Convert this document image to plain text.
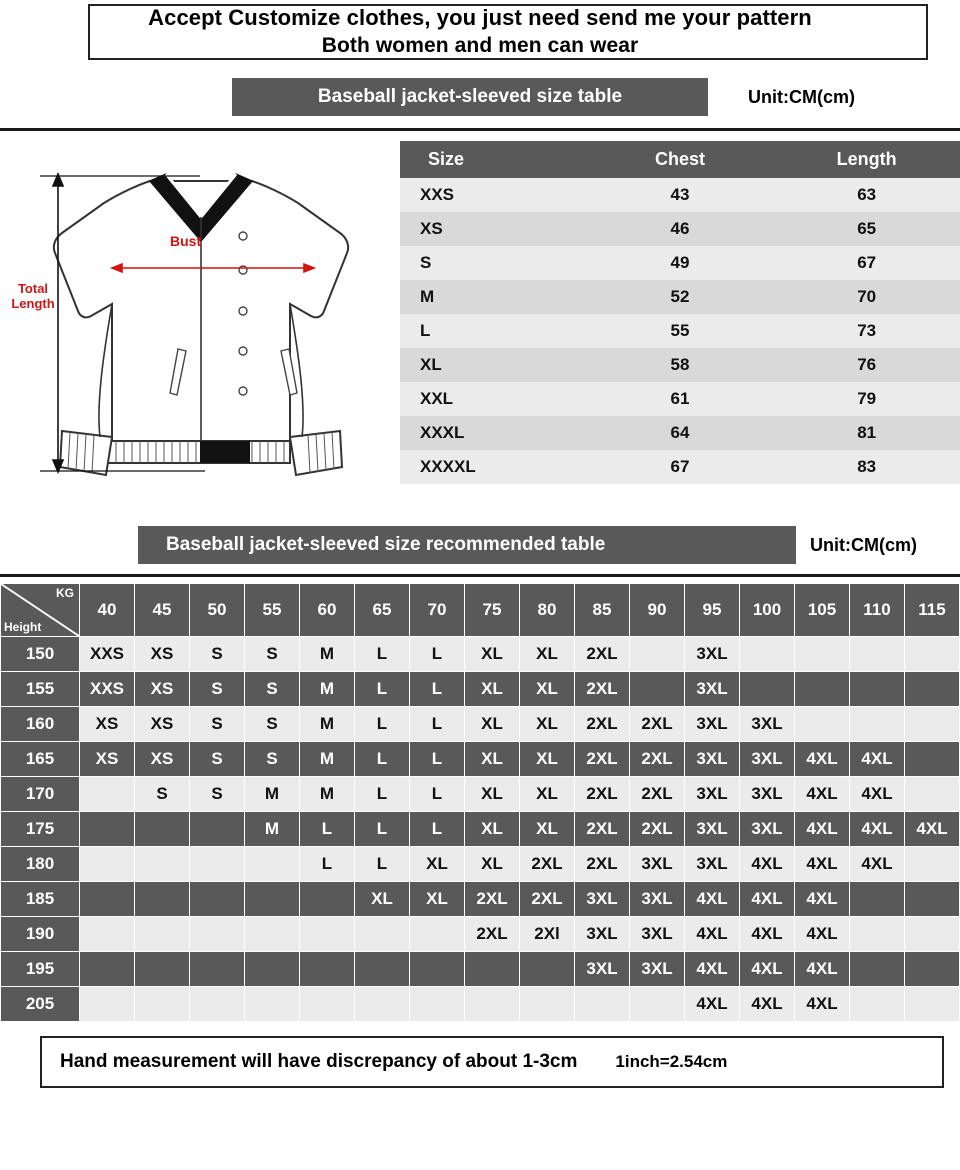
Accept Customize clothes, you just need send me your pattern
Both women and men can wear
Baseball jacket-sleeved size table	Unit:CM(cm)
Bust
Total
Length
Size	Chest	Length
XXS	43	63
XS	46	65
S	49	67
M	52	70
L	55	73
XL	58	76
XXL	61	79
XXXL	64	81
XXXXL	67	83
Baseball jacket-sleeved size recommended table	Unit:CM(cm)
KG
Height	40	45	50	55	60	65	70	75	80	85	90	95	100	105	110	115
150	XXS	XS	S	S	M	L	L	XL	XL	2XL		3XL				
155	XXS	XS	S	S	M	L	L	XL	XL	2XL		3XL				
160	XS	XS	S	S	M	L	L	XL	XL	2XL	2XL	3XL	3XL			
165	XS	XS	S	S	M	L	L	XL	XL	2XL	2XL	3XL	3XL	4XL	4XL	
170		S	S	M	M	L	L	XL	XL	2XL	2XL	3XL	3XL	4XL	4XL	
175				M	L	L	L	XL	XL	2XL	2XL	3XL	3XL	4XL	4XL	4XL
180					L	L	XL	XL	2XL	2XL	3XL	3XL	4XL	4XL	4XL	
185						XL	XL	2XL	2XL	3XL	3XL	4XL	4XL	4XL		
190								2XL	2Xl	3XL	3XL	4XL	4XL	4XL		
195										3XL	3XL	4XL	4XL	4XL		
205												4XL	4XL	4XL		
Hand measurement will have discrepancy of about 1-3cm	1inch=2.54cm
